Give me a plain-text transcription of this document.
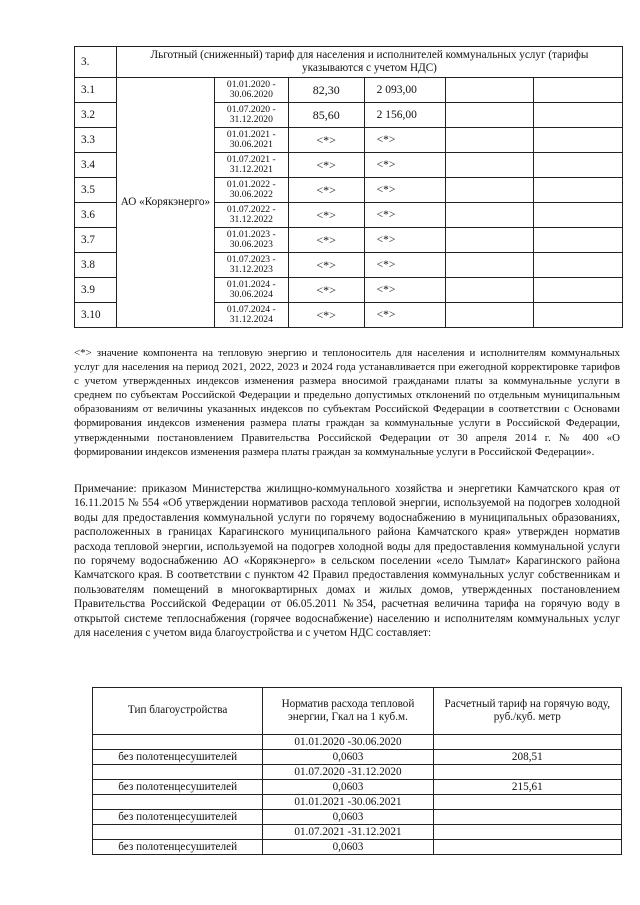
3.	Льготный (сниженный) тариф для населения и исполнителей коммунальных услуг (тарифы указываются с учетом НДС)					
3.1	АО «Корякэнерго»	01.01.2020 - 30.06.2020	82,30	2 093,00		
3.2		01.07.2020 - 31.12.2020	85,60	2 156,00		
3.3		01.01.2021 - 30.06.2021	<*>	<*>		
3.4		01.07.2021 - 31.12.2021	<*>	<*>		
3.5		01.01.2022 - 30.06.2022	<*>	<*>		
3.6		01.07.2022 - 31.12.2022	<*>	<*>		
3.7		01.01.2023 - 30.06.2023	<*>	<*>		
3.8		01.07.2023 - 31.12.2023	<*>	<*>		
3.9		01.01.2024 - 30.06.2024	<*>	<*>		
3.10		01.07.2024 - 31.12.2024	<*>	<*>		

<*> значение компонента на тепловую энергию и теплоноситель для населения и исполнителям коммунальных услуг для населения на период 2021, 2022, 2023 и 2024 года устанавливается при ежегодной корректировке тарифов с учетом утвержденных индексов изменения размера вносимой гражданами платы за коммунальные услуги в среднем по субъектам Российской Федерации и предельно допустимых отклонений по отдельным муниципальным образованиям от величины указанных индексов по субъектам Российской Федерации в соответствии с Основами формирования индексов изменения размера платы граждан за коммунальные услуги в Российской Федерации, утвержденными постановлением Правительства Российской Федерации от 30 апреля 2014 г. № 400 «О формировании индексов изменения размера платы граждан за коммунальные услуги в Российской Федерации».

Примечание: приказом Министерства жилищно-коммунального хозяйства и энергетики Камчатского края от 16.11.2015 № 554 «Об утверждении нормативов расхода тепловой энергии, используемой на подогрев холодной воды для предоставления коммунальной услуги по горячему водоснабжению в муниципальных образованиях, расположенных в границах Карагинского муниципального района Камчатского края» утвержден норматив расхода тепловой энергии, используемой на подогрев холодной воды для предоставления коммунальной услуги по горячему водоснабжению АО «Корякэнерго» в сельском поселении «село Тымлат» Карагинского района Камчатского края. В соответствии с пунктом 42 Правил предоставления коммунальных услуг собственникам и пользователям помещений в многоквартирных домах и жилых домов, утвержденных постановлением Правительства Российской Федерации от 06.05.2011 №354, расчетная величина тарифа на горячую воду в открытой системе теплоснабжения (горячее водоснабжение) населению и исполнителям коммунальных услуг для населения с учетом вида благоустройства и с учетом НДС составляет:

Тип благоустройства	Норматив расхода тепловой энергии, Гкал на 1 куб.м.	Расчетный тариф на горячую воду, руб./куб. метр
	01.01.2020 -30.06.2020	
без полотенцесушителей	0,0603	208,51
	01.07.2020 -31.12.2020	
без полотенцесушителей	0,0603	215,61
	01.01.2021 -30.06.2021	
без полотенцесушителей	0,0603	
	01.07.2021 -31.12.2021	
без полотенцесушителей	0,0603	
